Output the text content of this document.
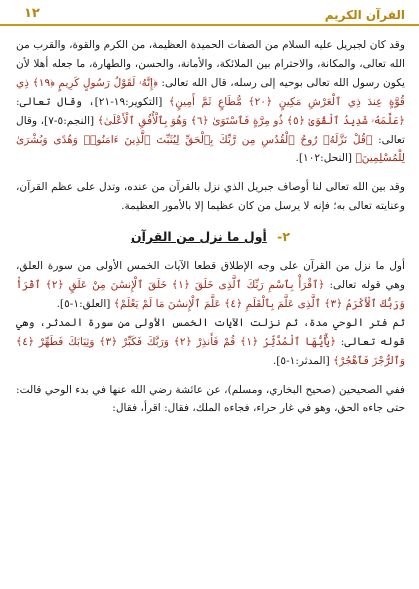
القرآن الكريم
١٢

وقد كان لجبريل عليه السلام من الصفات الحميدة العظيمة، من الكرم والقوة، والقرب من الله تعالى، والمكانة، والاحترام بين الملائكة، والأمانة، والحسن، والطهارة، ما جعله أهلا لأن يكون رسول الله تعالى بوحيه إلى رسله، قال الله تعالى: ﴿إِنَّهُۥ لَقَوْلُ رَسُولٍ كَرِيمٍ ﴿١٩﴾ ذِي قُوَّةٍ عِندَ ذِي ٱلْعَرْشِ مَكِينٍ ﴿٢٠﴾ مُّطَاعٍ ثَمَّ أَمِينٍ﴾ [التكوير:١٩-٢١]، وقال تعالى: ﴿عَلَّمَهُۥ شَدِيدُ ٱلْقُوَىٰ ﴿٥﴾ ذُو مِرَّةٍ فَٱسْتَوَىٰ ﴿٦﴾ وَهُوَ بِٱلْأُفُقِ ٱلْأَعْلَىٰ﴾ [النجم:٥-٧]، وقال تعالى: ﴿قُلْ نَزَّلَهُۥ رُوحُ ٱلْقُدُسِ مِن رَّبِّكَ بِٱلْحَقِّ لِيُثَبِّتَ ٱلَّذِينَ ءَامَنُوا۟ وَهُدًى وَبُشْرَىٰ لِلْمُسْلِمِينَ﴾ [النحل:١٠٢].

وقد بين الله تعالى لنا أوصاف جبريل الذي نزل بالقرآن من عنده، وتدل على عظم القرآن، وعنايته تعالى به؛ فإنه لا يرسل من كان عظيما إلا بالأمور العظيمة.

٢- أول ما نزل من القرآن

أول ما نزل من القرآن على وجه الإطلاق قطعا الآيات الخمس الأولى من سورة العلق، وهي قوله تعالى: ﴿ٱقْرَأْ بِٱسْمِ رَبِّكَ ٱلَّذِى خَلَقَ ﴿١﴾ خَلَقَ ٱلْإِنسَٰنَ مِنْ عَلَقٍ ﴿٢﴾ ٱقْرَأْ وَرَبُّكَ ٱلْأَكْرَمُ ﴿٣﴾ ٱلَّذِى عَلَّمَ بِٱلْقَلَمِ ﴿٤﴾ عَلَّمَ ٱلْإِنسَٰنَ مَا لَمْ يَعْلَمْ﴾ [العلق:١-٥].

ثم فتر الوحي مدة، ثم نزلت الآيات الخمس الأولى من سورة المدثر، وهي قوله تعالى: ﴿يَٰٓأَيُّهَا ٱلْمُدَّثِّرُ ﴿١﴾ قُمْ فَأَنذِرْ ﴿٢﴾ وَرَبَّكَ فَكَبِّرْ ﴿٣﴾ وَثِيَابَكَ فَطَهِّرْ ﴿٤﴾ وَٱلرُّجْزَ فَٱهْجُرْ﴾ [المدثر:١-٥].

ففي الصحيحين (صحيح البخاري، ومسلم)، عن عائشة رضي الله عنها في بدء الوحي قالت: حتى جاءه الحق، وهو في غار حراء، فجاءه الملك، فقال: اقرأ، فقال:
